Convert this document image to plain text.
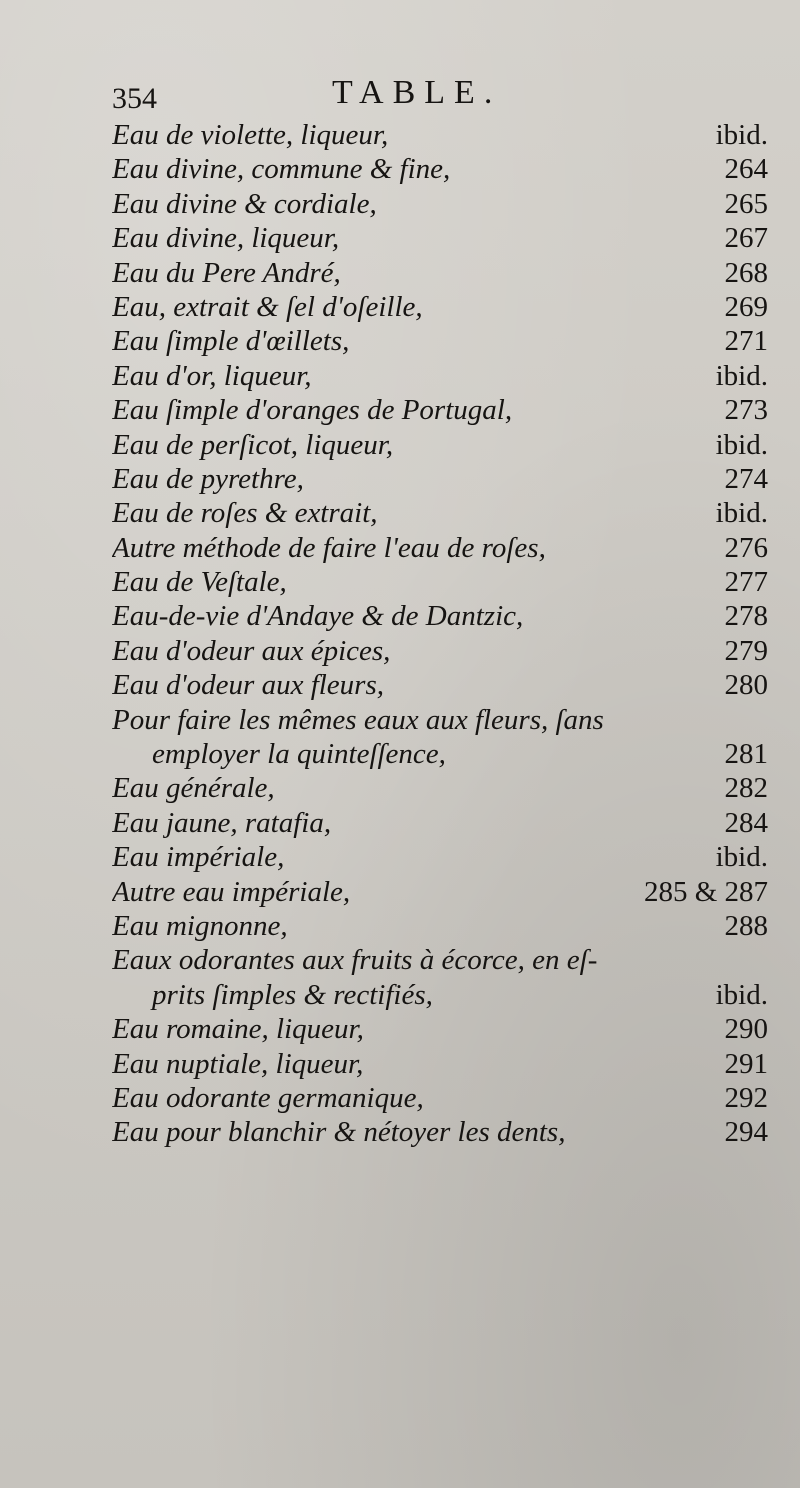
354	TABLE.
Eau de violette, liqueur,	ibid.
Eau divine, commune & fine,	264
Eau divine & cordiale,	265
Eau divine, liqueur,	267
Eau du Pere André,	268
Eau, extrait & ſel d'oſeille,	269
Eau ſimple d'œillets,	271
Eau d'or, liqueur,	ibid.
Eau ſimple d'oranges de Portugal,	273
Eau de perſicot, liqueur,	ibid.
Eau de pyrethre,	274
Eau de roſes & extrait,	ibid.
Autre méthode de faire l'eau de roſes,	276
Eau de Veſtale,	277
Eau-de-vie d'Andaye & de Dantzic,	278
Eau d'odeur aux épices,	279
Eau d'odeur aux fleurs,	280
Pour faire les mêmes eaux aux fleurs, ſans
employer la quinteſſence,	281
Eau générale,	282
Eau jaune, ratafia,	284
Eau impériale,	ibid.
Autre eau impériale,	285 & 287
Eau mignonne,	288
Eaux odorantes aux fruits à écorce, en eſ-
prits ſimples & rectifiés,	ibid.
Eau romaine, liqueur,	290
Eau nuptiale, liqueur,	291
Eau odorante germanique,	292
Eau pour blanchir & nétoyer les dents,	294
